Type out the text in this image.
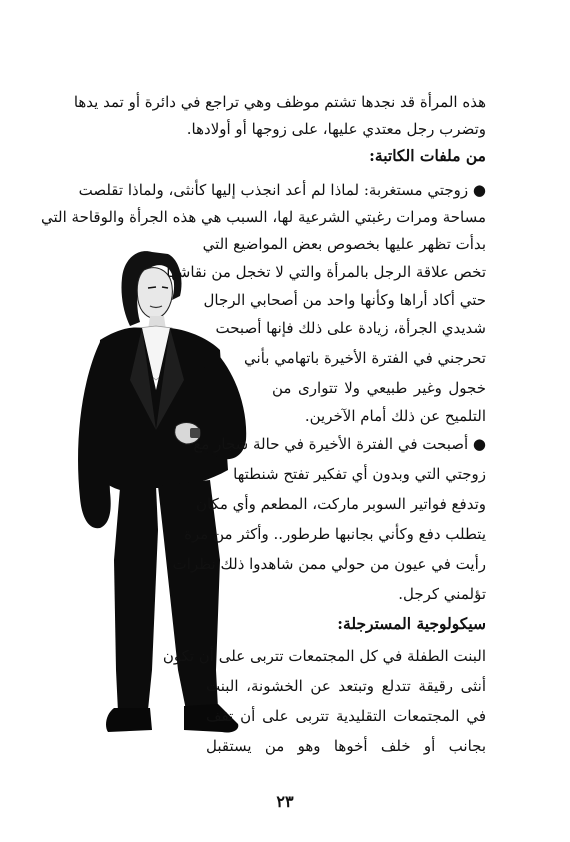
هذه المرأة قد نجدها تشتم موظف وهي تراجع في دائرة أو تمد يدها
وتضرب رجل معتدي عليها، على زوجها أو أولادها.
من ملفات الكاتبة:
● زوجتي مستغربة: لماذا لم أعد انجذب إليها كأنثى، ولماذا تقلصت
مساحة ومرات رغبتي الشرعية لها، السبب هي هذه الجرأة والوقاحة التي
بدأت تظهر عليها بخصوص بعض المواضيع التي
تخص علاقة الرجل بالمرأة والتي لا تخجل من نقاشها
حتي أكاد أراها وكأنها واحد من أصحابي الرجال
شديدي الجرأة، زيادة على ذلك فإنها أصبحت
تحرجني في الفترة الأخيرة باتهامي بأني
خجول وغير طبيعي ولا تتوارى من
التلميح عن ذلك أمام الآخرين.
● أصبحت في الفترة الأخيرة في حالة شجار مع
زوجتي التي وبدون أي تفكير تفتح شنطتها
وتدفع فواتير السوبر ماركت، المطعم وأي مكان
يتطلب دفع وكأني بجانبها طرطور.. وأكثر من مرة
رأيت في عيون من حولي ممن شاهدوا ذلك نظرات
تؤلمني كرجل.
سيكولوجية المسترجلة:
البنت الطفلة في كل المجتمعات تتربى على أن تكون
أنثى رقيقة تتدلع وتبتعد عن الخشونة، البنت
في المجتمعات التقليدية تتربى على أن تقف
بجانب أو خلف أخوها وهو من يستقبل
٢٣
